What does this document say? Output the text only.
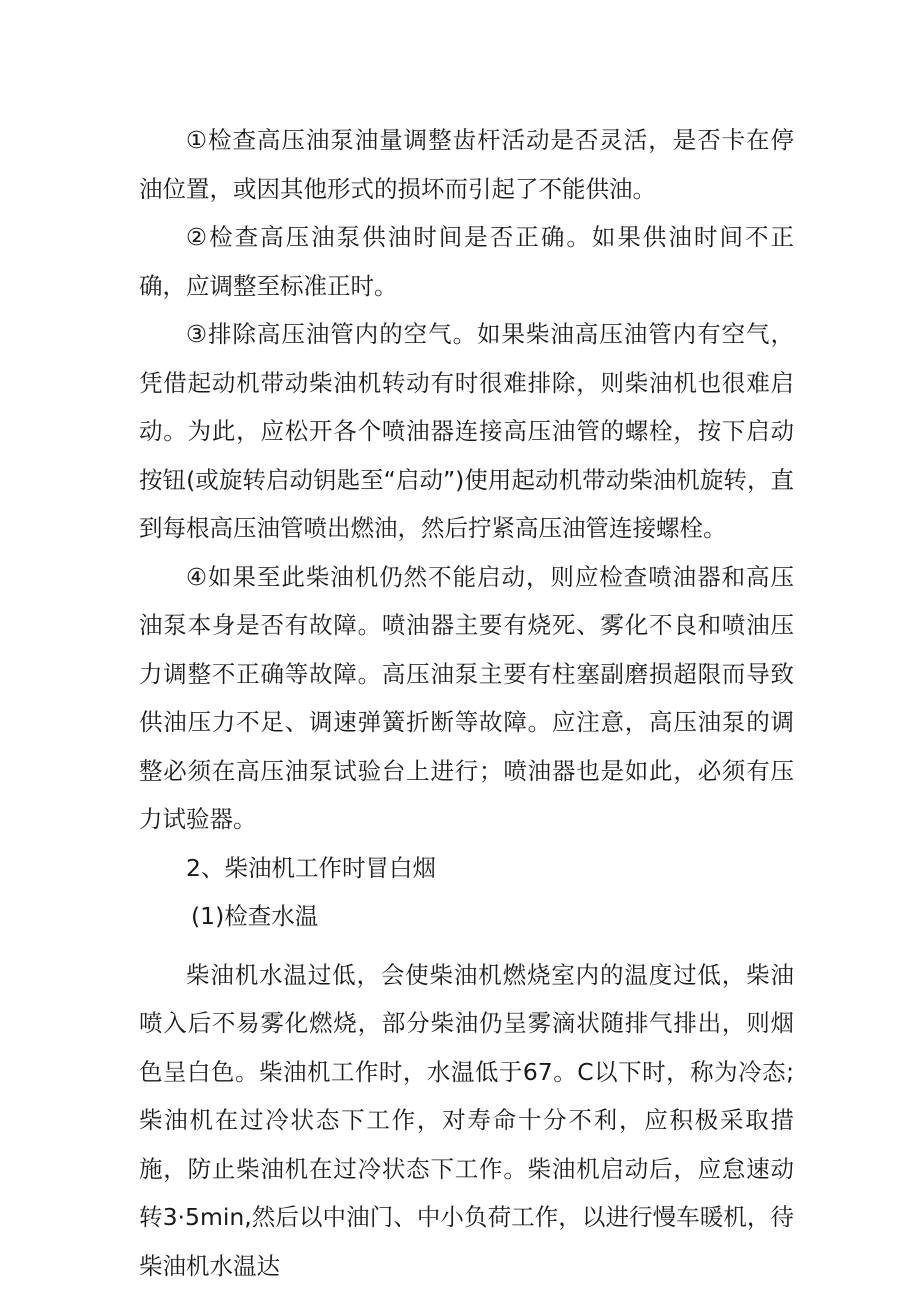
①检查高压油泵油量调整齿杆活动是否灵活，是否卡在停油位置，或因其他形式的损坏而引起了不能供油。

②检查高压油泵供油时间是否正确。如果供油时间不正确，应调整至标准正时。

③排除高压油管内的空气。如果柴油高压油管内有空气，凭借起动机带动柴油机转动有时很难排除，则柴油机也很难启动。为此，应松开各个喷油器连接高压油管的螺栓，按下启动按钮(或旋转启动钥匙至“启动”)使用起动机带动柴油机旋转，直到每根高压油管喷出燃油，然后拧紧高压油管连接螺栓。

④如果至此柴油机仍然不能启动，则应检查喷油器和高压油泵本身是否有故障。喷油器主要有烧死、雾化不良和喷油压力调整不正确等故障。高压油泵主要有柱塞副磨损超限而导致供油压力不足、调速弹簧折断等故障。应注意，高压油泵的调整必须在高压油泵试验台上进行；喷油器也是如此，必须有压力试验器。

2、柴油机工作时冒白烟

(1)检查水温

柴油机水温过低，会使柴油机燃烧室内的温度过低，柴油喷入后不易雾化燃烧，部分柴油仍呈雾滴状随排气排出，则烟色呈白色。柴油机工作时，水温低于67。C以下时，称为冷态;柴油机在过冷状态下工作，对寿命十分不利，应积极采取措施，防止柴油机在过冷状态下工作。柴油机启动后，应怠速动转3·5min,然后以中油门、中小负荷工作，以进行慢车暖机，待柴油机水温达
